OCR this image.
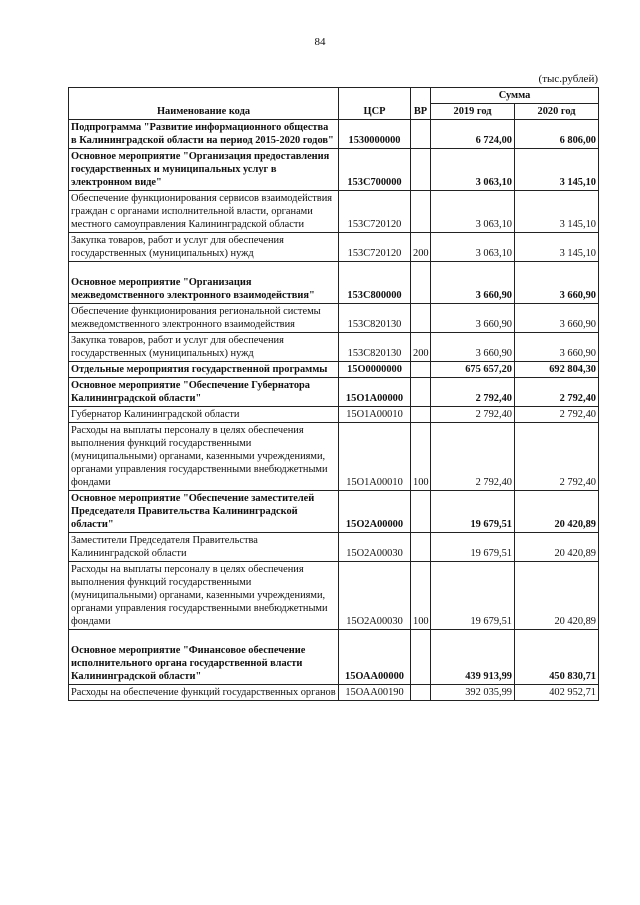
84
(тыс.рублей)
Наименование кода	ЦСР	ВР	Сумма	
			2019 год	2020 год
Подпрограмма "Развитие информационного общества в Калининградской области на период 2015-2020 годов"	1530000000		6 724,00	6 806,00
Основное мероприятие "Организация предоставления государственных и муниципальных услуг в электронном виде"	153С700000		3 063,10	3 145,10
Обеспечение функционирования сервисов взаимодействия граждан с органами исполнительной власти, органами местного самоуправления Калининградской области	153С720120		3 063,10	3 145,10
Закупка товаров, работ и услуг для обеспечения государственных (муниципальных) нужд	153С720120	200	3 063,10	3 145,10
Основное мероприятие "Организация межведомственного электронного взаимодействия"	153С800000		3 660,90	3 660,90
Обеспечение функционирования региональной системы межведомственного электронного взаимодействия	153С820130		3 660,90	3 660,90
Закупка товаров, работ и услуг для обеспечения государственных (муниципальных) нужд	153С820130	200	3 660,90	3 660,90
Отдельные мероприятия государственной программы	15О0000000		675 657,20	692 804,30
Основное мероприятие "Обеспечение Губернатора Калининградской области"	15О1А00000		2 792,40	2 792,40
Губернатор Калининградской области	15О1А00010		2 792,40	2 792,40
Расходы на выплаты персоналу в целях обеспечения выполнения функций государственными (муниципальными) органами, казенными учреждениями, органами управления государственными внебюджетными фондами	15О1А00010	100	2 792,40	2 792,40
Основное мероприятие "Обеспечение заместителей Председателя Правительства Калининградской области"	15О2А00000		19 679,51	20 420,89
Заместители Председателя Правительства Калининградской области	15О2А00030		19 679,51	20 420,89
Расходы на выплаты персоналу в целях обеспечения выполнения функций государственными (муниципальными) органами, казенными учреждениями, органами управления государственными внебюджетными фондами	15О2А00030	100	19 679,51	20 420,89
Основное мероприятие "Финансовое обеспечение исполнительного органа государственной власти Калининградской области"	15ОАА00000		439 913,99	450 830,71
Расходы на обеспечение функций государственных органов	15ОАА00190		392 035,99	402 952,71
